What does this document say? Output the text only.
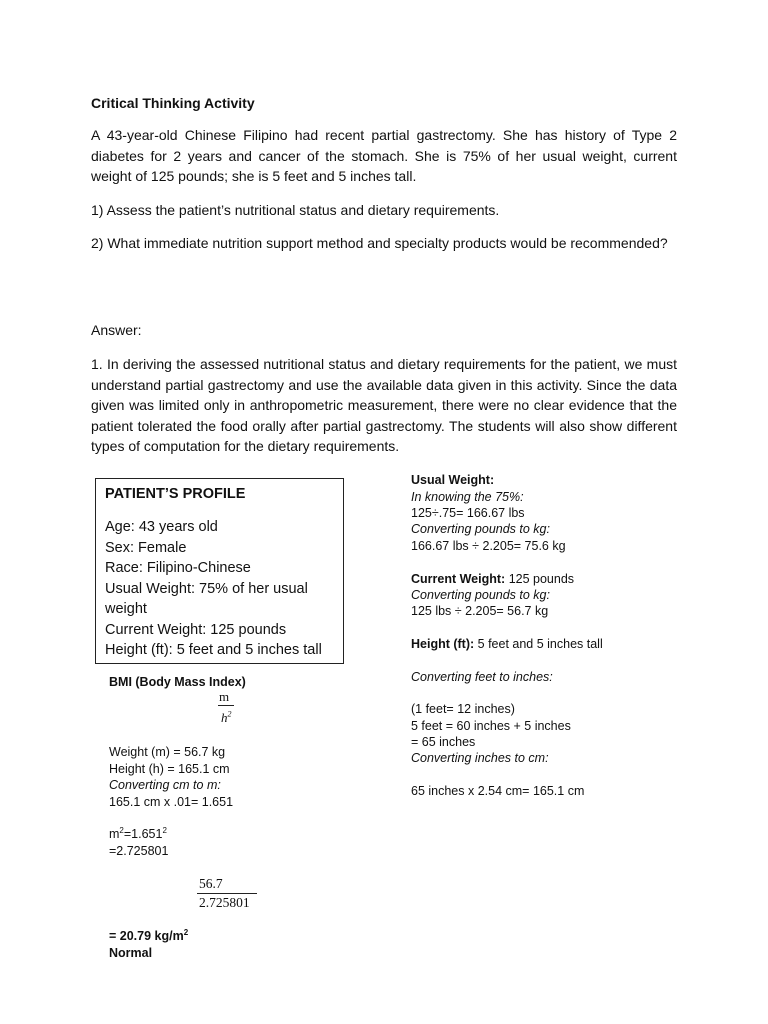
Critical Thinking Activity

A 43-year-old Chinese Filipino had recent partial gastrectomy. She has history of Type 2 diabetes for 2 years and cancer of the stomach. She is 75% of her usual weight, current weight of 125 pounds; she is 5 feet and 5 inches tall.

1) Assess the patient’s nutritional status and dietary requirements.

2) What immediate nutrition support method and specialty products would be recommended?

Answer:

1. In deriving the assessed nutritional status and dietary requirements for the patient, we must understand partial gastrectomy and use the available data given in this activity. Since the data given was limited only in anthropometric measurement, there were no clear evidence that the patient tolerated the food orally after partial gastrectomy. The students will also show different types of computation for the dietary requirements.

PATIENT’S PROFILE
Age: 43 years old
Sex: Female
Race: Filipino-Chinese
Usual Weight: 75% of her usual
weight
Current Weight: 125 pounds
Height (ft): 5 feet and 5 inches tall
BMI (Body Mass Index)
m
$h^2$
Weight (m) = 56.7 kg
Height (h) = 165.1 cm
Converting cm to m:
165.1 cm x .01= 1.651
$m^2=1.651^2$
=2.725801
56.7
2.725801
= 20.79 $kg/m^2$
Normal
Usual Weight:
In knowing the 75%:
125÷.75= 166.67 lbs
Converting pounds to kg:
166.67 lbs ÷ 2.205= 75.6 kg
Current Weight: 125 pounds
Converting pounds to kg:
125 lbs ÷ 2.205= 56.7 kg
Height (ft): 5 feet and 5 inches tall
Converting feet to inches:
(1 feet= 12 inches)
5 feet = 60 inches + 5 inches
= 65 inches
Converting inches to cm:
65 inches x 2.54 cm= 165.1 cm
